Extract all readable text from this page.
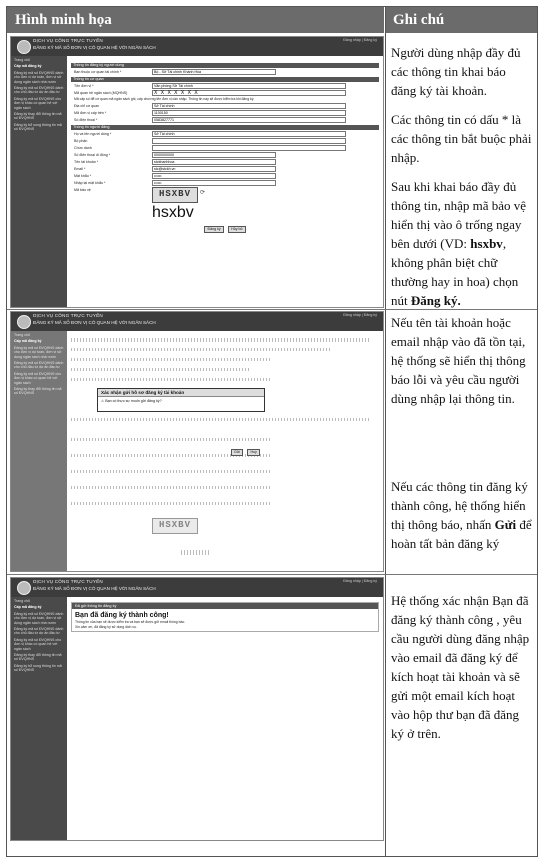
Hình minh họa	Ghi chú
DỊCH VỤ CÔNG TRỰC TUYẾN
ĐĂNG KÝ MÃ SỐ ĐƠN VỊ CÓ QUAN HỆ VỚI NGÂN SÁCH
Đăng nhập | Đăng ký
Trang chủ
Cấp mã đăng ký
Đăng ký mã số ĐVQHNS dành cho đơn vị dự toán, đơn vị sử dụng ngân sách nhà nước
Đăng ký mã số ĐVQHNS dành cho chủ đầu tư dự án đầu tư
Đăng ký mã số ĐVQHNS cho đơn vị khác có quan hệ với ngân sách
Đăng ký thay đổi thông tin mã số ĐVQHNS
Đăng ký bổ sung thông tin mã số ĐVQHNS
Thông tin đăng ký người dùng
Bạn thuộc cơ quan tài chính *	Bộ - Sở Tài chính Khánh Hòa
Thông tin cơ quan
Tên đơn vị *	Văn phòng Sở Tài chính
Mã quan hệ ngân sách (MQHNS)	X X X X X X X
Mã cấp số để cơ quan mã ngân sách ghi, cấp chương tên đơn vị cần nhập. Thông tin này sẽ được kiểm tra khi đăng ký.
Địa chỉ cơ quan	Sở Tài chính
Mã đơn vị cấp trên *	1100150
Số điện thoại *	0583827771
Thông tin người đăng
Họ và tên người dùng *	Sở Tài chính
Bộ phận
Chức danh
Số điện thoại di động *	0000000000
Tên tài khoản *	stckhanhhoa
Email *	stc@stckh.vn
Mật khẩu *	••••••
Nhập lại mật khẩu *	••••••
Mã bảo vệ	HSXBV	⟳
hsxbv
Đăng ký	Hủy bỏ
DỊCH VỤ CÔNG TRỰC TUYẾN
ĐĂNG KÝ MÃ SỐ ĐƠN VỊ CÓ QUAN HỆ VỚI NGÂN SÁCH
Đăng nhập | Đăng ký
Trang chủ
Cấp mã đăng ký
Đăng ký mã số ĐVQHNS dành cho đơn vị dự toán, đơn vị sử dụng ngân sách nhà nước
Đăng ký mã số ĐVQHNS dành cho chủ đầu tư dự án đầu tư
Đăng ký mã số ĐVQHNS cho đơn vị khác có quan hệ với ngân sách
Đăng ký thay đổi thông tin mã số ĐVQHNS
HSXBV
Xác nhận gửi hồ sơ đăng ký tài khoản
⚠ Bạn có thực sự muốn gửi đăng ký?
Gửi	Huỷ
DỊCH VỤ CÔNG TRỰC TUYẾN
ĐĂNG KÝ MÃ SỐ ĐƠN VỊ CÓ QUAN HỆ VỚI NGÂN SÁCH
Đăng nhập | Đăng ký
Trang chủ
Cấp mã đăng ký
Đăng ký mã số ĐVQHNS dành cho đơn vị dự toán, đơn vị sử dụng ngân sách nhà nước
Đăng ký mã số ĐVQHNS dành cho chủ đầu tư dự án đầu tư
Đăng ký mã số ĐVQHNS cho đơn vị khác có quan hệ với ngân sách
Đăng ký thay đổi thông tin mã số ĐVQHNS
Đăng ký bổ sung thông tin mã số ĐVQHNS
Đã gửi thông tin đăng ký
Bạn đã đăng ký thành công!
Thông tin của bạn sẽ được kiểm tra và bạn sẽ được gửi email thông báo.
Xin cảm ơn, đã đăng ký sử dụng dịch vụ.

Người dùng nhập đầy đủ các thông tin khai báo đăng ký tài khoản.

Các thông tin có dấu * là các thông tin bắt buộc phải nhập.

Sau khi khai báo đầy đủ thông tin, nhập mã bảo vệ hiển thị vào ô trống ngay bên dưới (VD: hsxbv, không phân biệt chữ thường hay in hoa) chọn nút Đăng ký.

Nếu tên tài khoản hoặc email nhập vào đã tồn tại, hệ thống sẽ hiển thị thông báo lỗi và yêu cầu người dùng nhập lại thông tin.

Nếu các thông tin đăng ký thành công, hệ thống hiển thị thông báo, nhấn Gửi để hoàn tất bản đăng ký

Hệ thống xác nhận Bạn đã đăng ký thành công , yêu cầu người dùng đăng nhập vào email đã đăng ký để kích hoạt tài khoản và sẽ gửi một email kích hoạt vào hộp thư bạn đã đăng ký ở trên.
